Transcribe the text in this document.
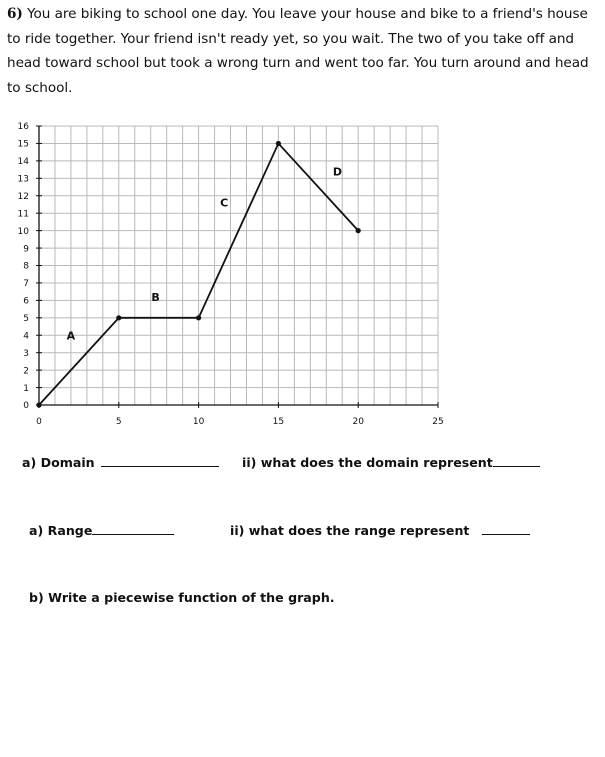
6) You are biking to school one day. You leave your house and bike to a friend's house to ride together. Your friend isn't ready yet, so you wait. The two of you take off and head toward school but took a wrong turn and went too far. You turn around and head to school.
0
1
2
3
4
5
6
7
8
9
10
11
12
13
14
15
16
0	5	10	15	20	25
A
B
C
D
a) Domain	ii) what does the domain represent
a) Range	ii) what does the range represent
b) Write a piecewise function of the graph.
